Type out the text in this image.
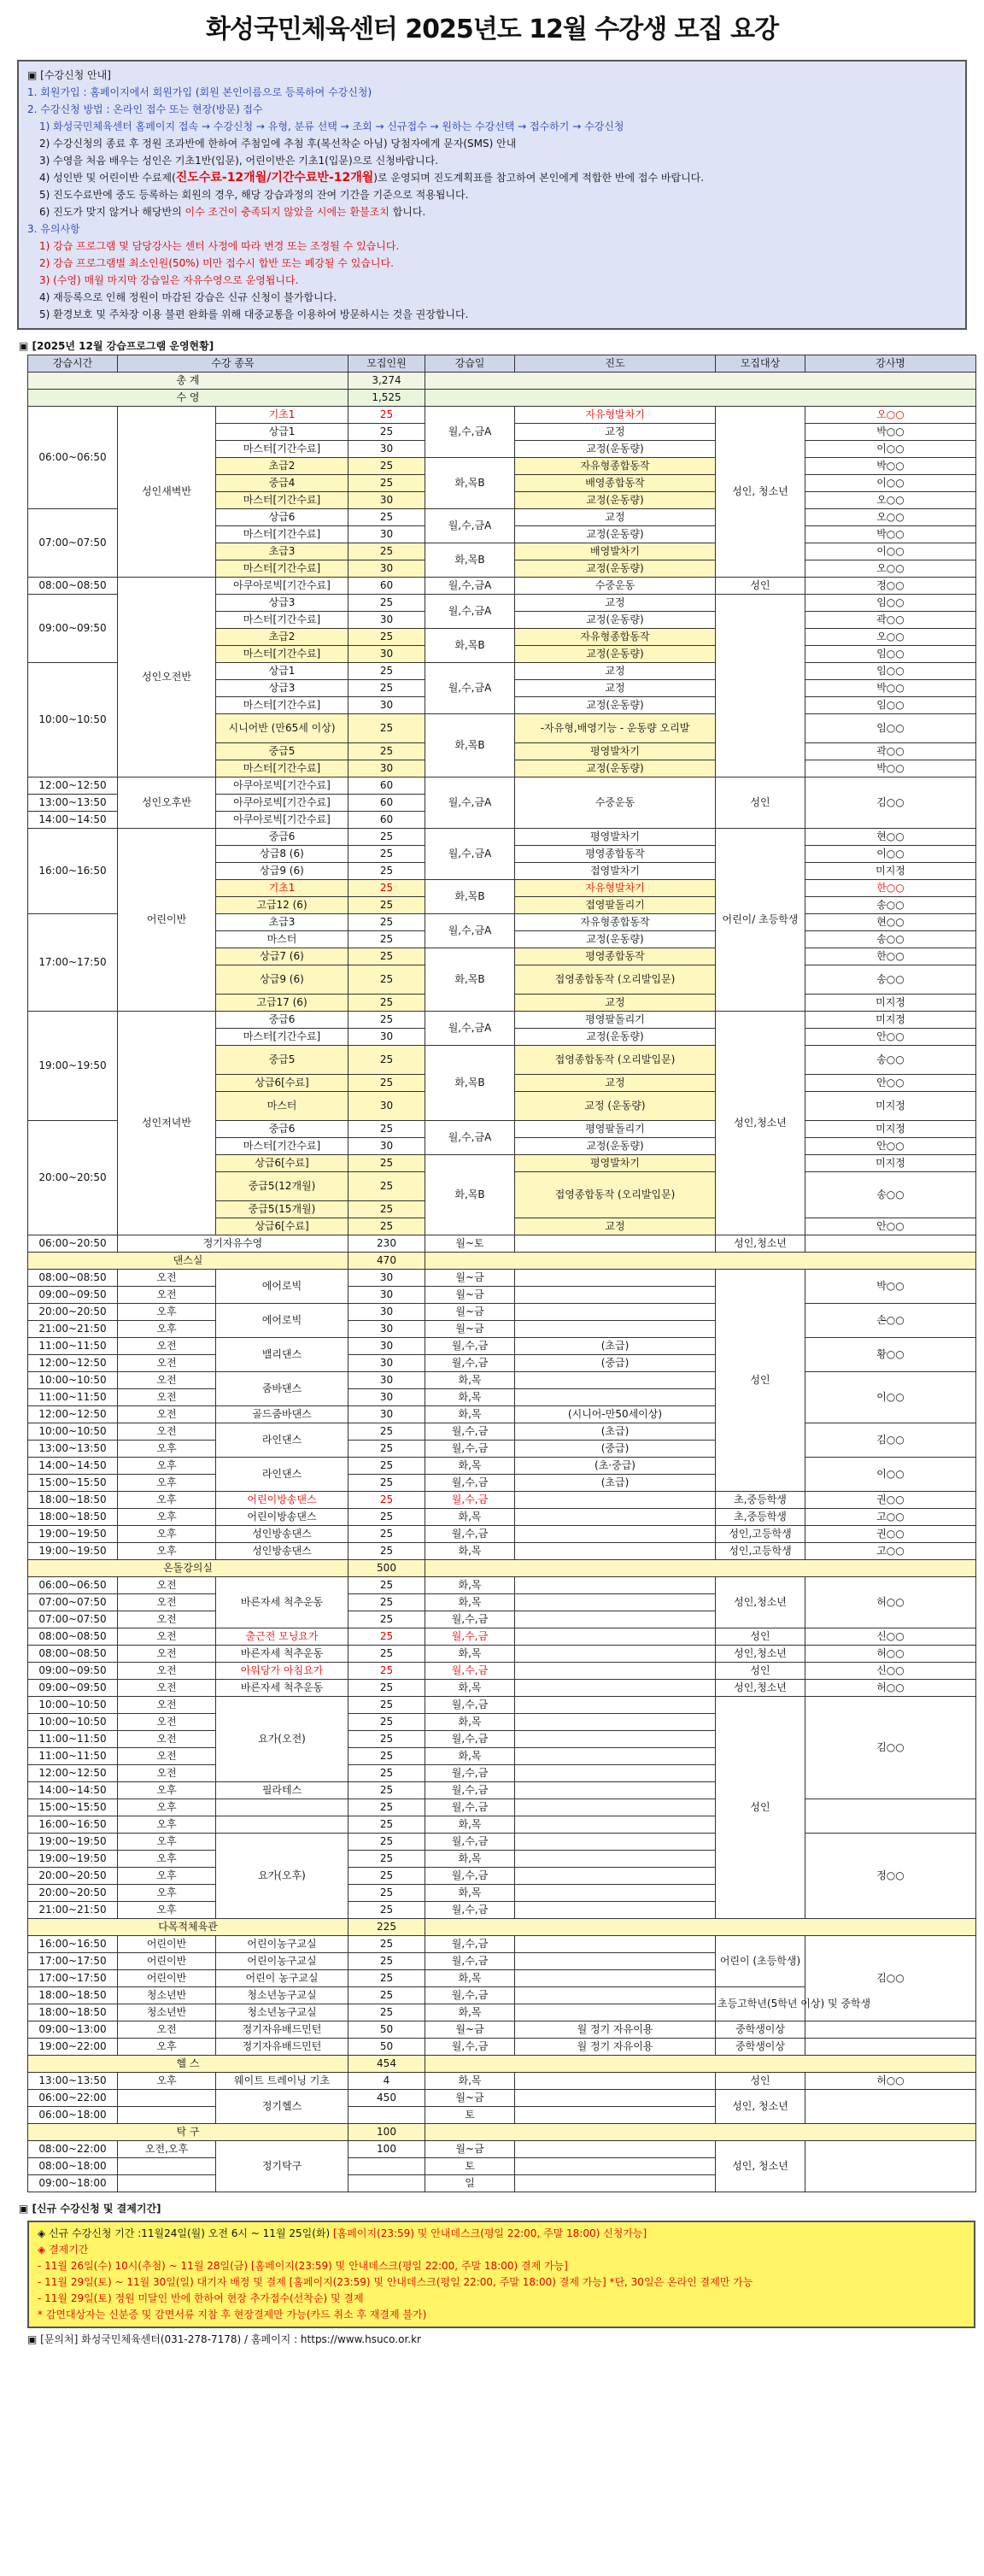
화성국민체육센터 2025년도 12월 수강생 모집 요강
▣ [수강신청 안내]
1. 회원가입 : 홈페이지에서 회원가입 (회원 본인이름으로 등록하여 수강신청)
2. 수강신청 방법 : 온라인 접수 또는 현장(방문) 접수
1) 화성국민체육센터 홈페이지 접속 → 수강신청 → 유형, 분류 선택 → 조회 → 신규접수 → 원하는 수강선택 → 접수하기 → 수강신청
2) 수강신청의 종료 후 정원 조과반에 한하여 주첨일에 추첨 후(복선착순 아님) 당첨자에게 문자(SMS) 안내
3) 수영을 처음 배우는 성인은 기초1반(입문), 어린이반은 기초1(입문)으로 신청바랍니다.
4) 성인반 및 어린이반 수료제(진도수료-12개월/기간수료반-12개월)로 운영되며 진도계획표를 참고하여 본인에게 적합한 반에 접수 바랍니다.
5) 진도수료반에 중도 등록하는 회원의 경우, 해당 강습과정의 잔여 기간을 기준으로 적용됩니다.
6) 진도가 맞지 않거나 해당반의 이수 조건이 충족되지 않았을 시에는 환불조치 합니다.
3. 유의사항
1) 강습 프로그램 및 담당강사는 센터 사정에 따라 변경 또는 조정될 수 있습니다.
2) 강습 프로그램별 최소인원(50%) 미만 접수시 합반 또는 폐강될 수 있습니다.
3) (수영) 매월 마지막 강습일은 자유수영으로 운영됩니다.
4) 재등록으로 인해 정원이 마감된 강습은 신규 신청이 불가합니다.
5) 환경보호 및 주차장 이용 불편 완화를 위해 대중교통을 이용하여 방문하시는 것을 권장합니다.
▣ [2025년 12월 강습프로그램 운영현황]
강습시간	수강 종목		모집인원	강습일	진도	모집대상	강사명
총 계			3,274				
수 영			1,525				
06:00~06:50	성인새벽반	기초1	25	월,수,금A	자유형발차기	성인, 청소년	오○○
		상급1	25		교정		박○○
		마스터[기간수료]	30		교정(운동량)		이○○
		초급2	25	화,목B	자유형종합동작		박○○
		중급4	25		배영종합동작		이○○
		마스터[기간수료]	30		교정(운동량)		오○○
07:00~07:50		상급6	25	월,수,금A	교정		오○○
		마스터[기간수료]	30		교정(운동량)		박○○
		초급3	25	화,목B	배영발차기		이○○
		마스터[기간수료]	30		교정(운동량)		오○○
08:00~08:50	성인오전반	아쿠아로빅[기간수료]	60	월,수,금A	수중운동	성인	정○○
09:00~09:50		상급3	25	월,수,금A	교정		임○○
		마스터[기간수료]	30		교정(운동량)		곽○○
		초급2	25	화,목B	자유형종합동작		오○○
		마스터[기간수료]	30		교정(운동량)		임○○
10:00~10:50		상급1	25	월,수,금A	교정		임○○
		상급3	25		교정		박○○
		마스터[기간수료]	30		교정(운동량)		임○○
		시니어반 (만65세 이상)	25	화,목B	-자유형,배영기능 - 운동량 오리발		임○○
		중급5	25		평영발차기		곽○○
		마스터[기간수료]	30		교정(운동량)		박○○
12:00~12:50	성인오후반	아쿠아로빅[기간수료]	60	월,수,금A	수중운동	성인	김○○
13:00~13:50		아쿠아로빅[기간수료]	60				
14:00~14:50		아쿠아로빅[기간수료]	60				
16:00~16:50	어린이반	중급6	25	월,수,금A	평영발차기	어린이/ 초등학생	현○○
		상급8 (6)	25		평영종합동작		이○○
		상급9 (6)	25		접영발차기		미지정
		기초1	25	화,목B	자유형발차기		한○○
		고급12 (6)	25		접영팔돌리기		송○○
17:00~17:50		초급3	25	월,수,금A	자유형종합동작		현○○
		마스터	25		교정(운동량)		송○○
		상급7 (6)	25	화,목B	평영종합동작		한○○
		상급9 (6)	25		접영종합동작 (오리발입문)		송○○
		고급17 (6)	25		교정		미지정
19:00~19:50	성인저녁반	중급6	25	월,수,금A	평영팔돌리기	성인,청소년	미지정
		마스터[기간수료]	30		교정(운동량)		안○○
		중급5	25	화,목B	접영종합동작 (오리발입문)		송○○
		상급6[수료]	25		교정		안○○
		마스터	30		교정 (운동량)		미지정
20:00~20:50		중급6	25	월,수,금A	평영팔돌리기		미지정
		마스터[기간수료]	30		교정(운동량)		안○○
		상급6[수료]	25	화,목B	평영발차기		미지정
		중급5(12개월)	25		접영종합동작 (오리발입문)		송○○
		중급5(15개월)	25				
		상급6[수료]	25		교정		안○○
06:00~20:50	정기자유수영		230	월~토		성인,청소년	
댄스실			470				
08:00~08:50	오전	에어로빅	30	월~금		성인	박○○
09:00~09:50	오전		30	월~금			
20:00~20:50	오후	에어로빅	30	월~금			손○○
21:00~21:50	오후		30	월~금			
11:00~11:50	오전	밸리댄스	30	월,수,금	(초급)		황○○
12:00~12:50	오전		30	월,수,금	(중급)		
10:00~10:50	오전	줌바댄스	30	화,목			이○○
11:00~11:50	오전		30	화,목			
12:00~12:50	오전	골드줌바댄스	30	화,목	(시니어-만50세이상)		
10:00~10:50	오전	라인댄스	25	월,수,금	(초급)		김○○
13:00~13:50	오후		25	월,수,금	(중급)		
14:00~14:50	오후	라인댄스	25	화,목	(초·중급)		이○○
15:00~15:50	오후		25	월,수,금	(초급)		
18:00~18:50	오후	어린이방송댄스	25	월,수,금		초,중등학생	권○○
18:00~18:50	오후	어린이방송댄스	25	화,목		초,중등학생	고○○
19:00~19:50	오후	성인방송댄스	25	월,수,금		성인,고등학생	권○○
19:00~19:50	오후	성인방송댄스	25	화,목		성인,고등학생	고○○
온돌강의실			500				
06:00~06:50	오전	바른자세 척추운동	25	화,목		성인,청소년	허○○
07:00~07:50	오전		25	화,목			
07:00~07:50	오전		25	월,수,금			
08:00~08:50	오전	출근전 모닝요가	25	월,수,금		성인	신○○
08:00~08:50	오전	바른자세 척추운동	25	화,목		성인,청소년	허○○
09:00~09:50	오전	아워당가 아침요가	25	월,수,금		성인	신○○
09:00~09:50	오전	바른자세 척추운동	25	화,목		성인,청소년	허○○
10:00~10:50	오전	요가(오전)	25	월,수,금		성인	김○○
10:00~10:50	오전		25	화,목			
11:00~11:50	오전		25	월,수,금			
11:00~11:50	오전		25	화,목			
12:00~12:50	오전		25	월,수,금			
14:00~14:50	오후	필라테스	25	월,수,금			
15:00~15:50	오후		25	월,수,금			
16:00~16:50	오후		25	화,목			
19:00~19:50	오후	요가(오후)	25	월,수,금			정○○
19:00~19:50	오후		25	화,목			
20:00~20:50	오후		25	월,수,금			
20:00~20:50	오후		25	화,목			
21:00~21:50	오후		25	월,수,금			
다목적체육관			225				
16:00~16:50	어린이반	어린이농구교실	25	월,수,금		어린이 (초등학생)	김○○
17:00~17:50	어린이반	어린이농구교실	25	월,수,금			
17:00~17:50	어린이반	어린이 농구교실	25	화,목			
18:00~18:50	청소년반	청소년농구교실	25	월,수,금		초등고학년(5학년 이상) 및 중학생	
18:00~18:50	청소년반	청소년농구교실	25	화,목			
09:00~13:00	오전	정기자유배드민턴	50	월~금	월 정기 자유이용	중학생이상	
19:00~22:00	오후	정기자유배드민턴	50	월,수,금	월 정기 자유이용	중학생이상	
헬 스			454				
13:00~13:50	오후	웨이트 트레이닝 기초	4	화,목		성인	허○○
06:00~22:00		정기헬스	450	월~금		성인, 청소년	
06:00~18:00				토			
탁 구			100				
08:00~22:00	오전,오후	정기탁구	100	월~금		성인, 청소년	
08:00~18:00				토			
09:00~18:00				일			
▣ [신규 수강신청 및 결제기간]
◈ 신규 수강신청 기간 :11월24일(월) 오전 6시 ~ 11월 25일(화) [홈페이지(23:59) 및 안내데스크(평일 22:00, 주말 18:00) 신청가능]
◈ 결제기간
- 11월 26일(수) 10시(추첨) ~ 11월 28일(금) [홈페이지(23:59) 및 안내데스크(평일 22:00, 주말 18:00) 결제 가능]
- 11월 29일(토) ~ 11월 30일(일) 대기자 배정 및 결제 [홈페이지(23:59) 및 안내데스크(평일 22:00, 주말 18:00) 결제 가능] *단, 30일은 온라인 결제만 가능
- 11월 29일(토) 정원 미달인 반에 한하여 현장 추가접수(선착순) 및 결제
* 감면대상자는 신분증 및 감면서류 지참 후 현장결제만 가능(카드 취소 후 재결제 불가)
▣ [문의처] 화성국민체육센터(031-278-7178) / 홈페이지 : https://www.hsuco.or.kr
